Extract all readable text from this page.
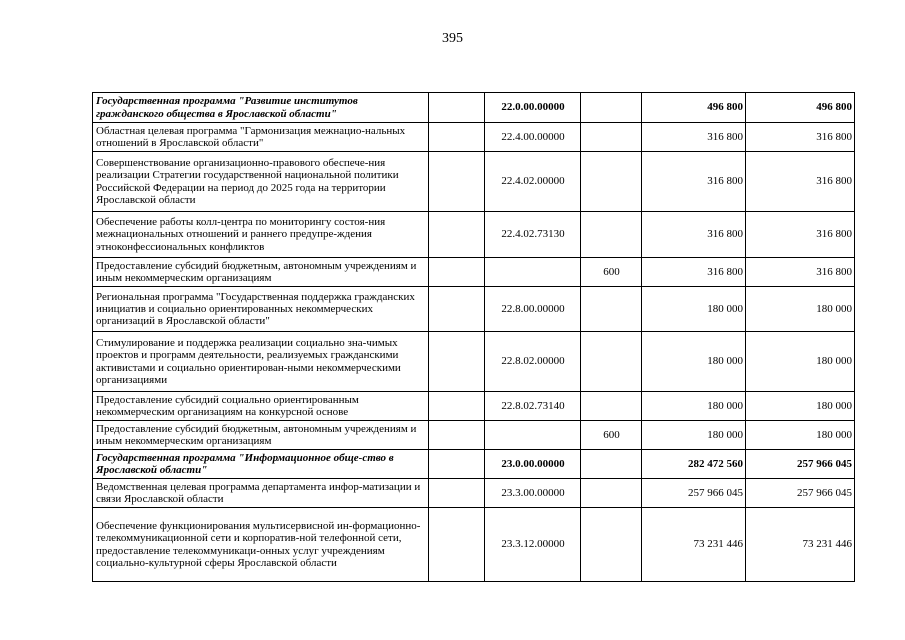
395
Государственная программа "Развитие институтов гражданского общества в Ярославской области"		22.0.00.00000		496 800	496 800
Областная целевая программа "Гармонизация межнацио-нальных отношений в Ярославской области"		22.4.00.00000		316 800	316 800
Совершенствование организационно-правового обеспече-ния реализации Стратегии государственной национальной политики Российской Федерации на период до 2025 года на территории Ярославской области		22.4.02.00000		316 800	316 800
Обеспечение работы колл-центра по мониторингу состоя-ния межнациональных отношений и раннего предупре-ждения этноконфессиональных конфликтов		22.4.02.73130		316 800	316 800
Предоставление субсидий бюджетным, автономным учреждениям и иным некоммерческим организациям			600	316 800	316 800
Региональная программа "Государственная поддержка гражданских инициатив и социально ориентированных некоммерческих организаций в Ярославской области"		22.8.00.00000		180 000	180 000
Стимулирование и поддержка реализации социально зна-чимых проектов и программ деятельности, реализуемых гражданскими активистами и социально ориентирован-ными некоммерческими организациями		22.8.02.00000		180 000	180 000
Предоставление субсидий социально ориентированным некоммерческим организациям на конкурсной основе		22.8.02.73140		180 000	180 000
Предоставление субсидий бюджетным, автономным учреждениям и иным некоммерческим организациям			600	180 000	180 000
Государственная программа "Информационное обще-ство в Ярославской области"		23.0.00.00000		282 472 560	257 966 045
Ведомственная целевая программа департамента инфор-матизации и связи Ярославской области		23.3.00.00000		257 966 045	257 966 045
Обеспечение функционирования мультисервисной ин-формационно-телекоммуникационной сети и корпоратив-ной телефонной сети, предоставление телекоммуникаци-онных услуг учреждениям социально-культурной сферы Ярославской области		23.3.12.00000		73 231 446	73 231 446
